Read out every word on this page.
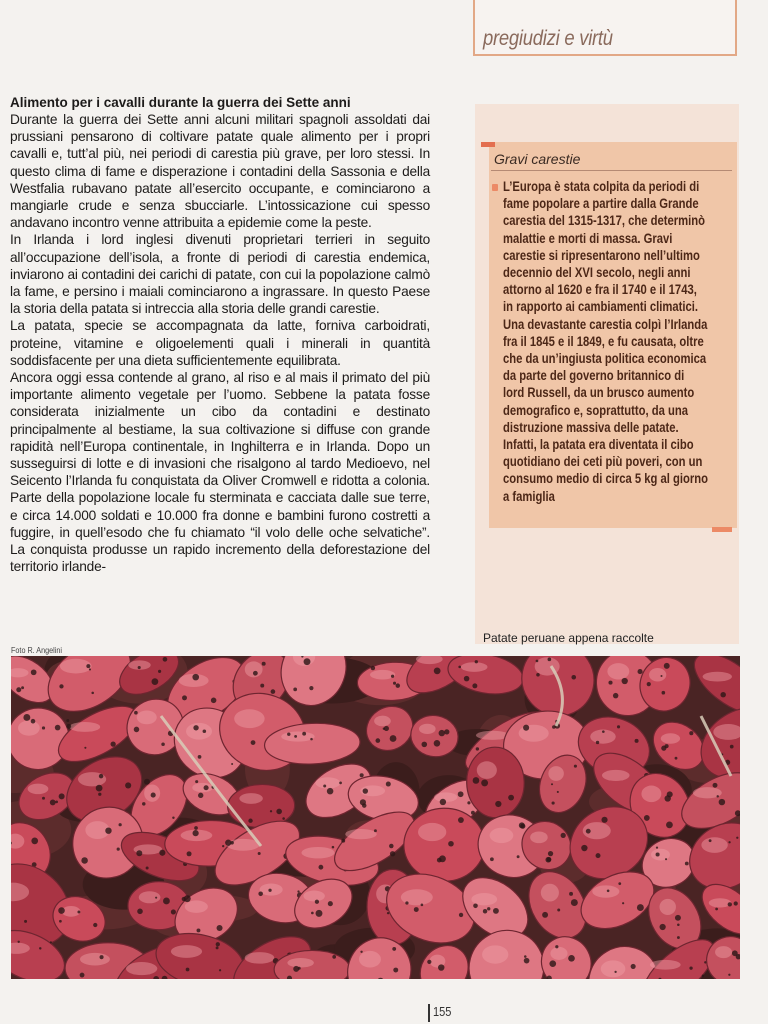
pregiudizi e virtù

Alimento per i cavalli durante la guerra dei Sette anni

Durante la guerra dei Sette anni alcuni militari spagnoli assoldati dai prussiani pensarono di coltivare patate quale alimento per i propri cavalli e, tutt’al più, nei periodi di carestia più grave, per loro stessi. In questo clima di fame e disperazione i contadini della Sassonia e della Westfalia rubavano patate all’esercito occupante, e cominciarono a mangiarle crude e senza sbucciarle. L’intossicazione cui spesso andavano incontro venne attribuita a epidemie come la peste.
In Irlanda i lord inglesi divenuti proprietari terrieri in seguito all’occupazione dell’isola, a fronte di periodi di carestia endemica, inviarono ai contadini dei carichi di patate, con cui la popolazione calmò la fame, e persino i maiali cominciarono a ingrassare. In questo Paese la storia della patata si intreccia alla storia delle grandi carestie.
La patata, specie se accompagnata da latte, forniva carboidrati, proteine, vitamine e oligoelementi quali i minerali in quantità soddisfacente per una dieta sufficientemente equilibrata.
Ancora oggi essa contende al grano, al riso e al mais il primato del più importante alimento vegetale per l’uomo. Sebbene la patata fosse considerata inizialmente un cibo da contadini e destinato principalmente al bestiame, la sua coltivazione si diffuse con grande rapidità nell’Europa continentale, in Inghilterra e in Irlanda. Dopo un susseguirsi di lotte e di invasioni che risalgono al tardo Medioevo, nel Seicento l’Irlanda fu conquistata da Oliver Cromwell e ridotta a colonia. Parte della popolazione locale fu sterminata e cacciata dalle sue terre, e circa 14.000 soldati e 10.000 fra donne e bambini furono costretti a fuggire, in quell’esodo che fu chiamato “il volo delle oche selvatiche”. La conquista produsse un rapido incremento della deforestazione del territorio irlande-

Gravi carestie

L’Europa è stata colpita da periodi di
fame popolare a partire dalla Grande
carestia del 1315-1317, che determinò
malattie e morti di massa. Gravi
carestie si ripresentarono nell’ultimo
decennio del XVI secolo, negli anni
attorno al 1620 e fra il 1740 e il 1743,
in rapporto ai cambiamenti climatici.
Una devastante carestia colpì l’Irlanda
fra il 1845 e il 1849, e fu causata, oltre
che da un’ingiusta politica economica
da parte del governo britannico di
lord Russell, da un brusco aumento
demografico e, soprattutto, da una
distruzione massiva delle patate.
Infatti, la patata era diventata il cibo
quotidiano dei ceti più poveri, con un
consumo medio di circa 5 kg al giorno
a famiglia

Patate peruane appena raccolte
Foto R. Angelini
155
